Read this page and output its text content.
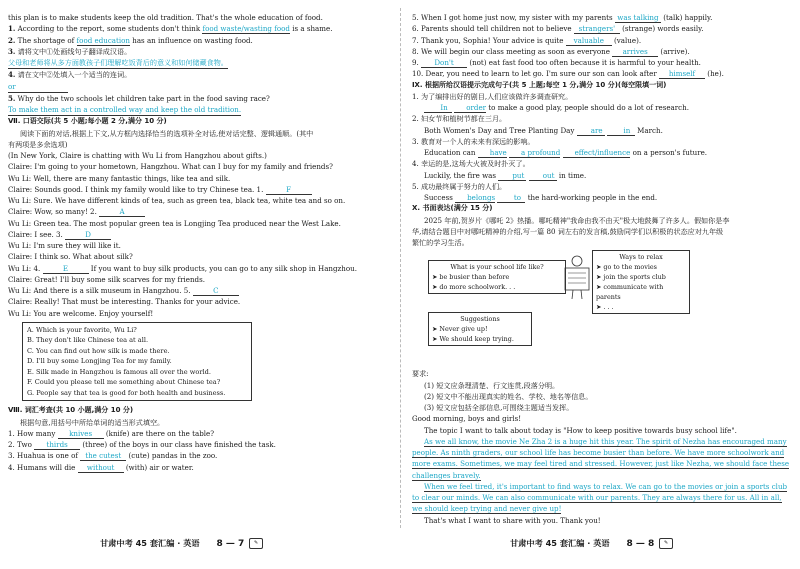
this plan is to make students keep the old tradition. That's the whole education of food.
1. According to the report, some students don't think food waste/wasting food is a shame.
2. The shortage of food education has an influence on wasting food.
3. 请将文中①处画线句子翻译成汉语。
父母和老师将从多方面教孩子们理解吃饭背后的意义和如何储藏食物。
4. 请在文中②处填入一个适当的连词。
or
5. Why do the two schools let children take part in the food saving race?
To make them act in a controlled way and keep the old tradition.
Ⅶ. 口语交际(共 5 小题;每小题 2 分,满分 10 分)
阅读下面的对话,根据上下文,从方框内选择恰当的选项补全对话,使对话完整、逻辑通顺。(其中
有两项是多余选项)
(In New York, Claire is chatting with Wu Li from Hangzhou about gifts.)
Claire: I'm going to your hometown, Hangzhou. What can I buy for my family and friends?
Wu Li: Well, there are many fantastic things, like tea and silk.
Claire: Sounds good. I think my family would like to try Chinese tea. 1.	F
Wu Li: Sure. We have different kinds of tea, such as green tea, black tea, white tea and so on.
Claire: Wow, so many! 2.	A
Wu Li: Green tea. The most popular green tea is Longjing Tea produced near the West Lake.
Claire: I see. 3.	D
Wu Li: I'm sure they will like it.
Claire: I think so. What about silk?
Wu Li: 4.	E	If you want to buy silk products, you can go to any silk shop in Hangzhou.
Claire: Great! I'll buy some silk scarves for my friends.
Wu Li: And there is a silk museum in Hangzhou. 5.	C
Claire: Really! That must be interesting. Thanks for your advice.
Wu Li: You are welcome. Enjoy yourself!
A. Which is your favorite, Wu Li?
B. They don't like Chinese tea at all.
C. You can find out how silk is made there.
D. I'll buy some Longjing Tea for my family.
E. Silk made in Hangzhou is famous all over the world.
F. Could you please tell me something about Chinese tea?
G. People say that tea is good for both health and business.
Ⅷ. 词汇考查(共 10 小题,满分 10 分)
根据句意,用括号中所给单词的适当形式填空。
1. How many knives (knife) are there on the table?
2. Two thirds (three) of the boys in our class have finished the task.
3. Huahua is one of the cutest (cute) pandas in the zoo.
4. Humans will die without (with) air or water.
5. When I got home just now, my sister with my parents was talking (talk) happily.
6. Parents should tell children not to believe strangers' (strange) words easily.
7. Thank you, Sophia! Your advice is quite valuable (value).
8. We will begin our class meeting as soon as everyone arrives (arrive).
9. Don't (not) eat fast food too often because it is harmful to your health.
10. Dear, you need to learn to let go. I'm sure our son can look after himself (he).
Ⅸ. 根据所给汉语提示完成句子(共 5 上题;每空 1 分,满分 10 分)(每空限填一词)
1. 为了编排出好的剧目,人们应该做许多调查研究。
In	order to make a good play, people should do a lot of research.
2. 妇女节和植树节都在三月。
Both Women's Day and Tree Planting Day are	in March.
3. 教育对一个人的未来有深远的影响。
Education can have a profound effect/influence on a person's future.
4. 幸运的是,这场大火被及时扑灭了。
Luckily, the fire was put	out in time.
5. 成功最终属于努力的人们。
Success belongs	to the hard-working people in the end.
Ⅹ. 书面表达(满分 15 分)
2025 年前,贺岁片《哪吒 2》热播。哪吒精神"我命由我不由天"极大地鼓舞了许多人。假如你是李
华,请结合题目中对哪吒精神的介绍,写一篇 80 词左右的发言稿,鼓励同学们以积极的状态应对九年级
繁忙的学习生活。
What is your school life like?
➤ be busier than before
➤ do more schoolwork. . .
Ways to relax
➤ go to the movies
➤ join the sports club
➤ communicate with parents
➤ . . .
Suggestions
➤ Never give up!
➤ We should keep trying.
要求:
(1) 短文应条理清楚、行文连贯,段落分明。
(2) 短文中不能出现真实的姓名、学校、地名等信息。
(3) 短文应包括全部信息,可围绕主题适当发挥。
Good morning, boys and girls!
The topic I want to talk about today is "How to keep positive towards busy school life".
As we all know, the movie Ne Zha 2 is a huge hit this year. The spirit of Nezha has encouraged many people. As ninth graders, our school life has become busier than before. We have more schoolwork and more exams. Sometimes, we may feel tired and stressed. However, just like Nezha, we should face these challenges bravely.
When we feel tired, it's important to find ways to relax. We can go to the movies or join a sports club to clear our minds. We can also communicate with our parents. They are always there for us. All in all, we should keep trying and never give up!
That's what I want to share with you. Thank you!
甘肃中考 45 套汇编 · 英语 8 — 7 ✎	甘肃中考 45 套汇编 · 英语 8 — 8 ✎
